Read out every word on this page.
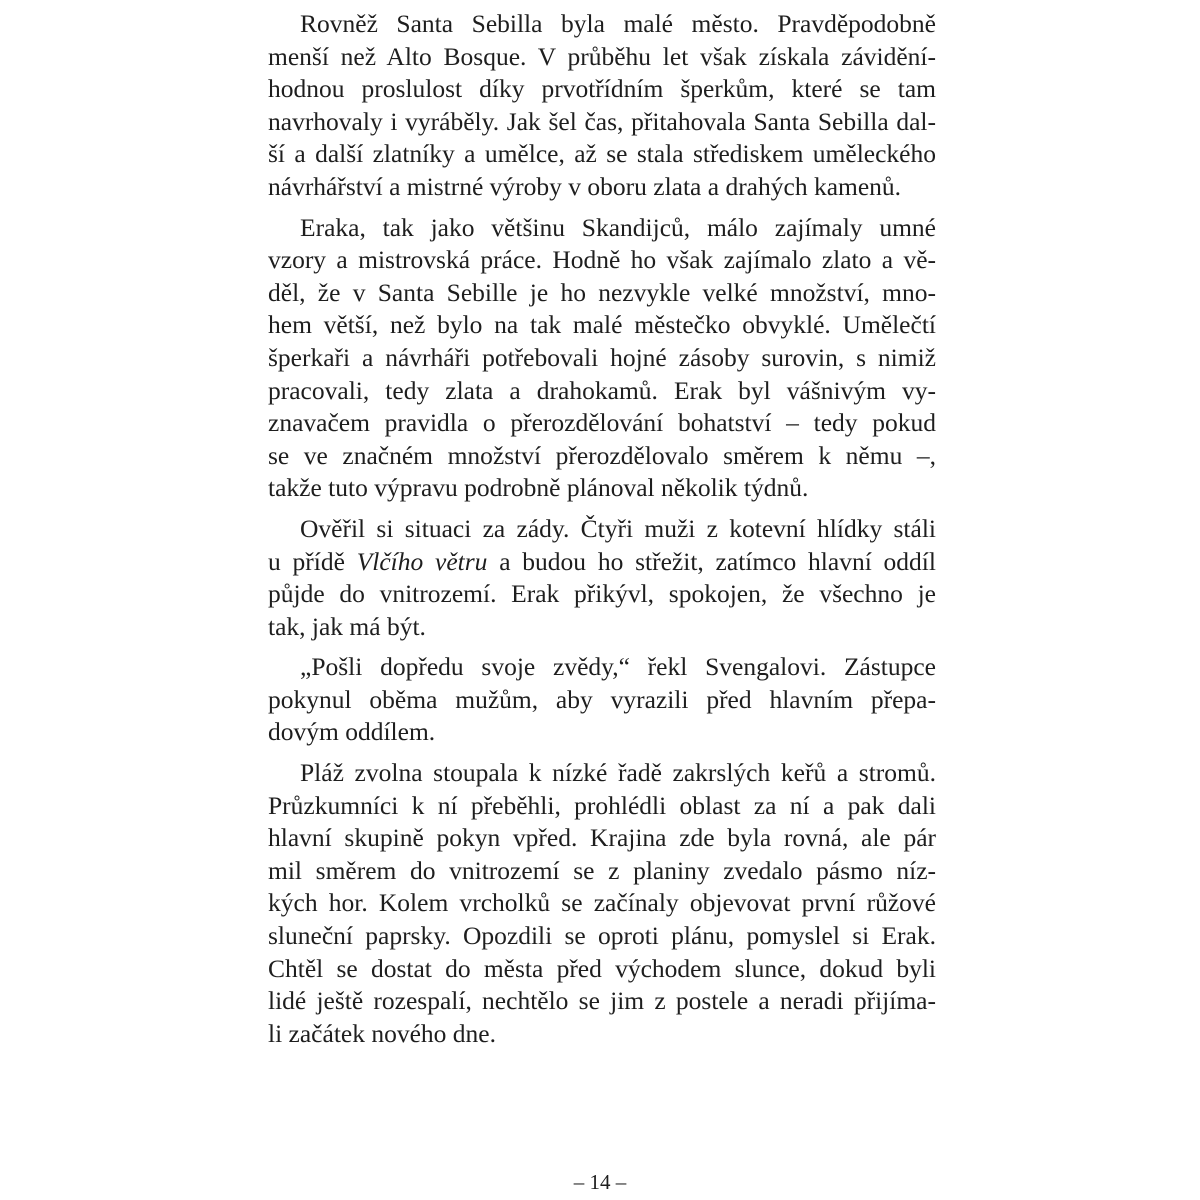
Rovněž Santa Sebilla byla malé město. Pravděpodobně
menší než Alto Bosque. V průběhu let však získala závidění-
hodnou proslulost díky prvotřídním šperkům, které se tam
navrhovaly i vyráběly. Jak šel čas, přitahovala Santa Sebilla dal-
ší a další zlatníky a umělce, až se stala střediskem uměleckého
návrhářství a mistrné výroby v oboru zlata a drahých kamenů.
Eraka, tak jako většinu Skandijců, málo zajímaly umné
vzory a mistrovská práce. Hodně ho však zajímalo zlato a vě-
děl, že v Santa Sebille je ho nezvykle velké množství, mno-
hem větší, než bylo na tak malé městečko obvyklé. Umělečtí
šperkaři a návrháři potřebovali hojné zásoby surovin, s nimiž
pracovali, tedy zlata a drahokamů. Erak byl vášnivým vy-
znavačem pravidla o přerozdělování bohatství – tedy pokud
se ve značném množství přerozdělovalo směrem k němu –,
takže tuto výpravu podrobně plánoval několik týdnů.
Ověřil si situaci za zády. Čtyři muži z kotevní hlídky stáli
u přídě Vlčího větru a budou ho střežit, zatímco hlavní oddíl
půjde do vnitrozemí. Erak přikývl, spokojen, že všechno je
tak, jak má být.
„Pošli dopředu svoje zvědy,“ řekl Svengalovi. Zástupce
pokynul oběma mužům, aby vyrazili před hlavním přepa-
dovým oddílem.
Pláž zvolna stoupala k nízké řadě zakrslých keřů a stromů.
Průzkumníci k ní přeběhli, prohlédli oblast za ní a pak dali
hlavní skupině pokyn vpřed. Krajina zde byla rovná, ale pár
mil směrem do vnitrozemí se z planiny zvedalo pásmo níz-
kých hor. Kolem vrcholků se začínaly objevovat první růžové
sluneční paprsky. Opozdili se oproti plánu, pomyslel si Erak.
Chtěl se dostat do města před východem slunce, dokud byli
lidé ještě rozespalí, nechtělo se jim z postele a neradi přijíma-
li začátek nového dne.
– 14 –
